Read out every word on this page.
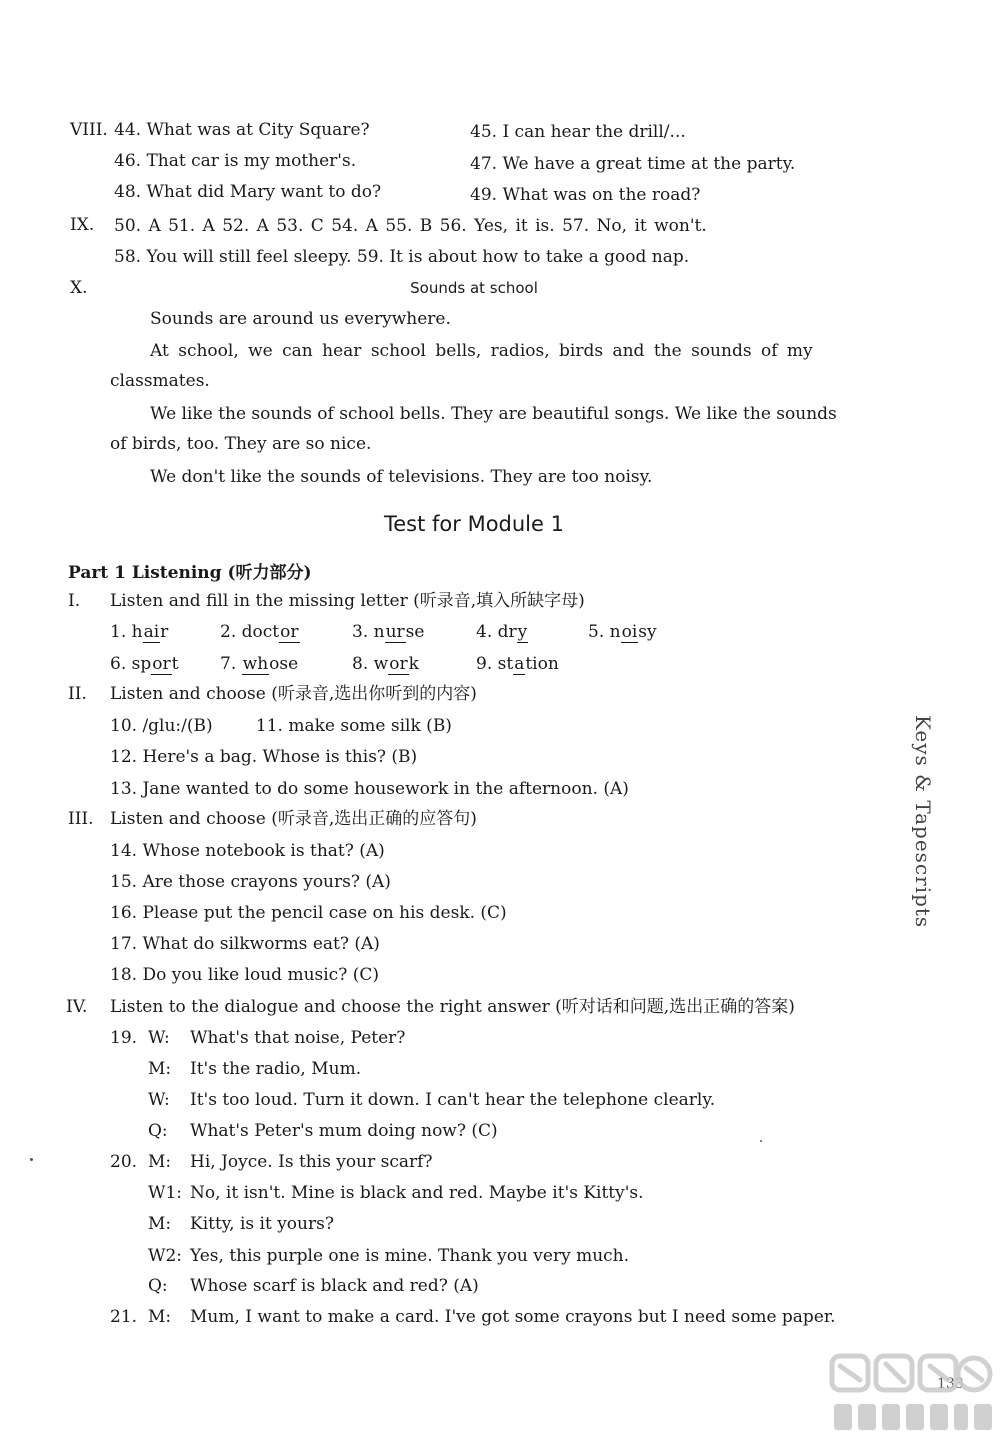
VIII. 44. What was at City Square?	45. I can hear the drill/...
46. That car is my mother's.	47. We have a great time at the party.
48. What did Mary want to do?	49. What was on the road?
IX. 50. A 51. A 52. A 53. C 54. A 55. B 56. Yes, it is. 57. No, it won't.
58. You will still feel sleepy. 59. It is about how to take a good nap.
X.	Sounds at school
Sounds are around us everywhere.
At school, we can hear school bells, radios, birds and the sounds of my
classmates.
We like the sounds of school bells. They are beautiful songs. We like the sounds
of birds, too. They are so nice.
We don't like the sounds of televisions. They are too noisy.
Test for Module 1
Part 1 Listening (听力部分)
I. Listen and fill in the missing letter (听录音,填入所缺字母)
1. hair	2. doctor	3. nurse	4. dry	5. noisy
6. sport 7. whose	8. work	9. station
II. Listen and choose (听录音,选出你听到的内容)
10. /glu:/(B)        11. make some silk (B)
12. Here's a bag. Whose is this? (B)
13. Jane wanted to do some housework in the afternoon. (A)
III. Listen and choose (听录音,选出正确的应答句)
14. Whose notebook is that? (A)
15. Are those crayons yours? (A)
16. Please put the pencil case on his desk. (C)
17. What do silkworms eat? (A)
18. Do you like loud music? (C)
IV. Listen to the dialogue and choose the right answer (听对话和问题,选出正确的答案)
19. W: What's that noise, Peter?
M: It's the radio, Mum.
W: It's too loud. Turn it down. I can't hear the telephone clearly.
Q: What's Peter's mum doing now? (C)
20. M: Hi, Joyce. Is this your scarf?
W1: No, it isn't. Mine is black and red. Maybe it's Kitty's.
M: Kitty, is it yours?
W2: Yes, this purple one is mine. Thank you very much.
Q: Whose scarf is black and red? (A)
21. M: Mum, I want to make a card. I've got some crayons but I need some paper.
Keys & Tapescripts
133
